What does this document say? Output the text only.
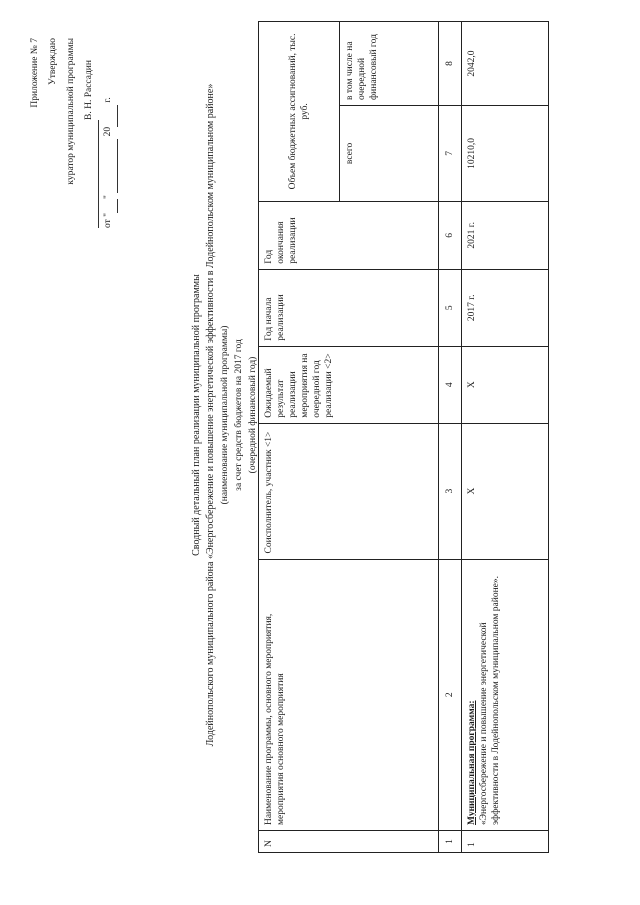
Приложение № 7 Утверждаю куратор муниципальной программы В. Н. Рассадин
от " "   20  г.
Сводный детальный план реализации муниципальной программы Лодейнопольского муниципального района «Энергосбережение и повышение энергетической эффективности в Лодейнопольском муниципальном районе» (наименование муниципальной программы) за счет средств бюджетов на 2017 год (очередной финансовый год)
N	Наименование программы, основного мероприятия, мероприятия основного мероприятия	Соисполнитель, участник <1>	Ожидаемый результат реализации мероприятия на очередной год реализации <2>	Год начала реализации	Год окончания реализации	Объем бюджетных ассигнований, тыс. руб.	
						всего	в том числе на очередной финансовый год
1	2	3	4	5	6	7	8
1	Муниципальная программа: «Энергосбережение и повышение энергетической эффективности в Лодейнопольском муниципальном районе».	X	X	2017 г.	2021 г.	10210,0	2042,0
